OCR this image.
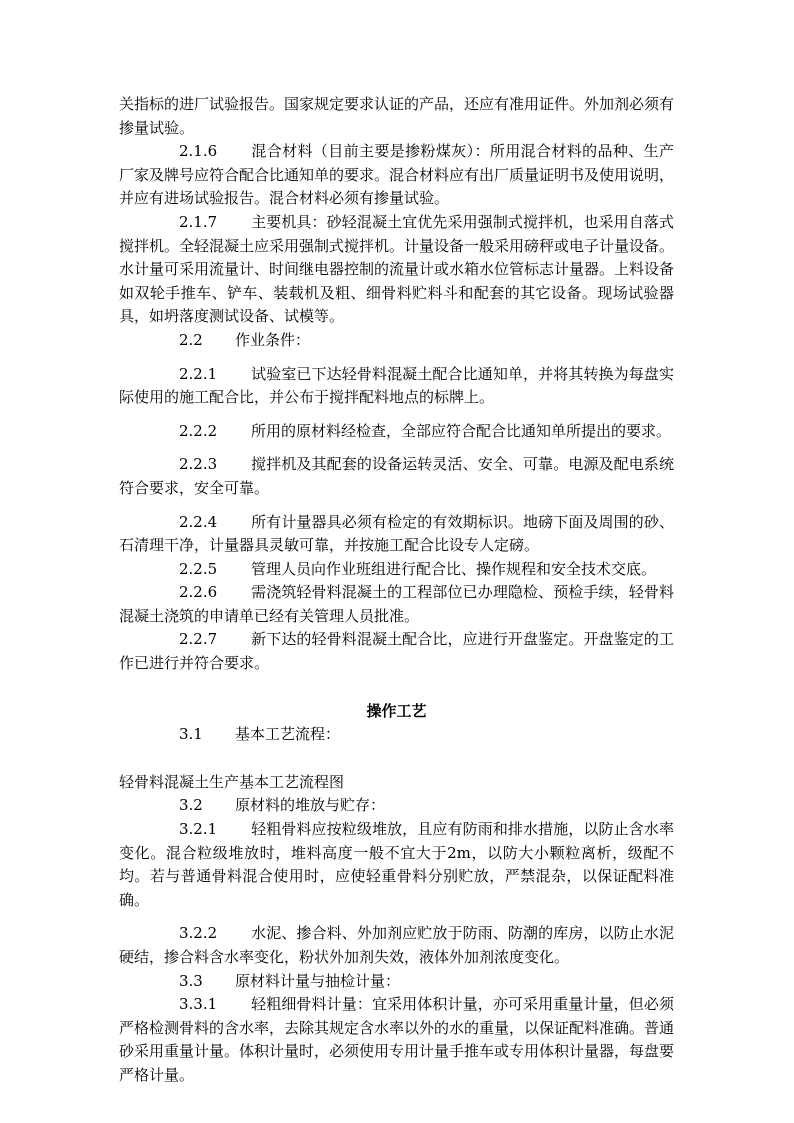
关指标的进厂试验报告。国家规定要求认证的产品，还应有准用证件。外加剂必须有掺量试验。

2.1.6 混合材料（目前主要是掺粉煤灰）：所用混合材料的品种、生产厂家及牌号应符合配合比通知单的要求。混合材料应有出厂质量证明书及使用说明，并应有进场试验报告。混合材料必须有掺量试验。

2.1.7 主要机具：砂轻混凝土宜优先采用强制式搅拌机，也采用自落式搅拌机。全轻混凝土应采用强制式搅拌机。计量设备一般采用磅秤或电子计量设备。水计量可采用流量计、时间继电器控制的流量计或水箱水位管标志计量器。上料设备如双轮手推车、铲车、装载机及粗、细骨料贮料斗和配套的其它设备。现场试验器具，如坍落度测试设备、试模等。

2.2 作业条件：

2.2.1 试验室已下达轻骨料混凝土配合比通知单，并将其转换为每盘实际使用的施工配合比，并公布于搅拌配料地点的标牌上。

2.2.2 所用的原材料经检查，全部应符合配合比通知单所提出的要求。

2.2.3 搅拌机及其配套的设备运转灵活、安全、可靠。电源及配电系统符合要求，安全可靠。

2.2.4 所有计量器具必须有检定的有效期标识。地磅下面及周围的砂、石清理干净，计量器具灵敏可靠，并按施工配合比设专人定磅。

2.2.5 管理人员向作业班组进行配合比、操作规程和安全技术交底。

2.2.6 需浇筑轻骨料混凝土的工程部位已办理隐检、预检手续，轻骨料混凝土浇筑的申请单已经有关管理人员批准。

2.2.7 新下达的轻骨料混凝土配合比，应进行开盘鉴定。开盘鉴定的工作已进行并符合要求。

操作工艺

3.1 基本工艺流程：

轻骨料混凝土生产基本工艺流程图

3.2 原材料的堆放与贮存：

3.2.1 轻粗骨料应按粒级堆放，且应有防雨和排水措施，以防止含水率变化。混合粒级堆放时，堆料高度一般不宜大于2m，以防大小颗粒离析，级配不均。若与普通骨料混合使用时，应使轻重骨料分别贮放，严禁混杂，以保证配料准确。

3.2.2 水泥、掺合料、外加剂应贮放于防雨、防潮的库房，以防止水泥硬结，掺合料含水率变化，粉状外加剂失效，液体外加剂浓度变化。

3.3 原材料计量与抽检计量：

3.3.1 轻粗细骨料计量：宜采用体积计量，亦可采用重量计量，但必须严格检测骨料的含水率，去除其规定含水率以外的水的重量，以保证配料准确。普通砂采用重量计量。体积计量时，必须使用专用计量手推车或专用体积计量器，每盘要严格计量。
